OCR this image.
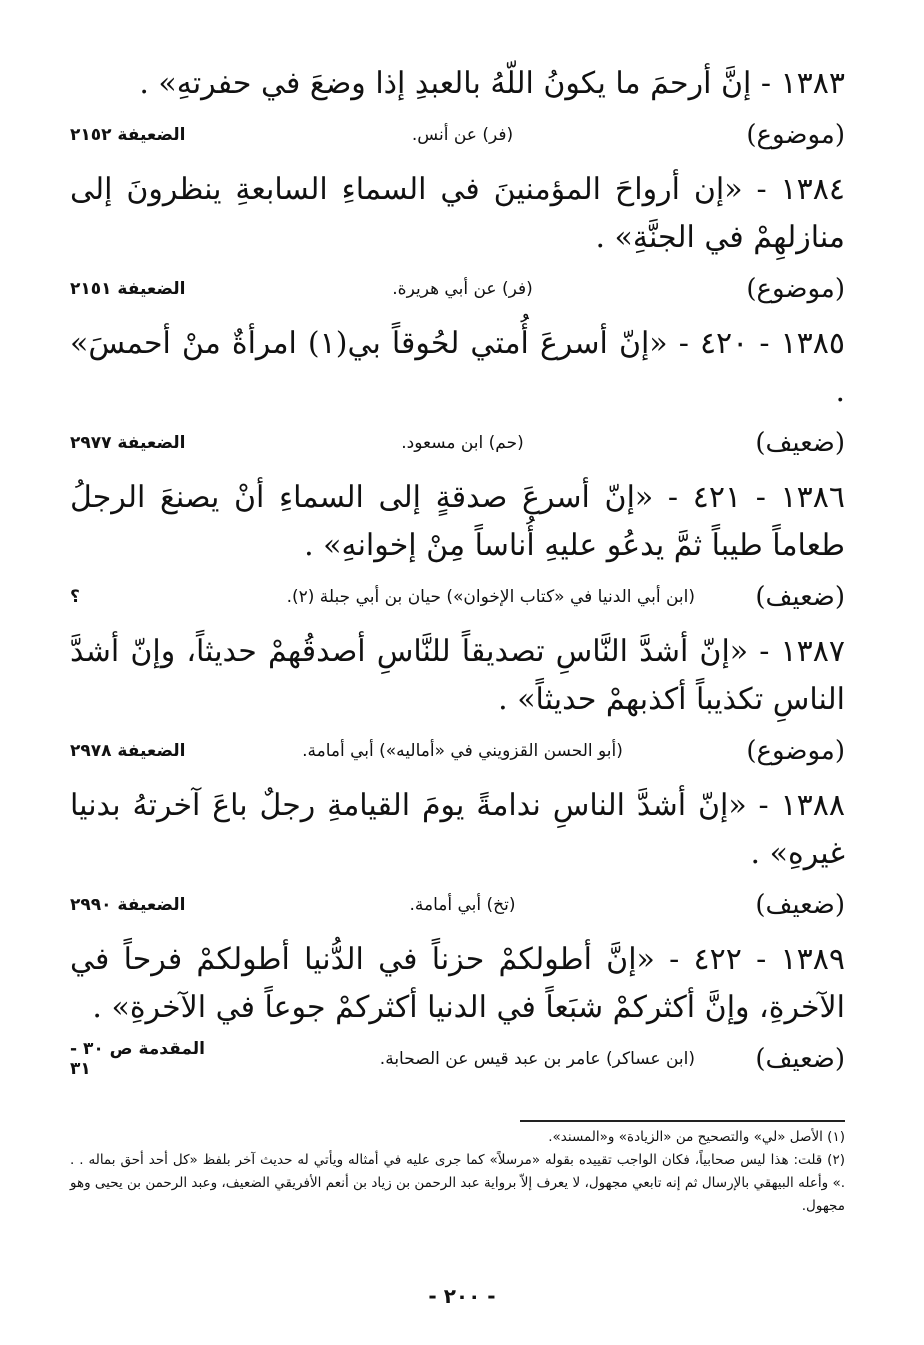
١٣٨٣ - إنَّ أرحمَ ما يكونُ اللّهُ بالعبدِ إذا وضعَ في حفرتهِ» .
(موضوع)
(فر) عن أنس.
الضعيفة ٢١٥٢
١٣٨٤ - «إن أرواحَ المؤمنينَ في السماءِ السابعةِ ينظرونَ إلى منازلهِمْ في الجنَّةِ» .
(موضوع)
(فر) عن أبي هريرة.
الضعيفة ٢١٥١
١٣٨٥ - ٤٢٠ - «إنّ أسرعَ أُمتي لحُوقاً بي(١) امرأةٌ منْ أحمسَ» .
(ضعيف)
(حم) ابن مسعود.
الضعيفة ٢٩٧٧
١٣٨٦ - ٤٢١ - «إنّ أسرعَ صدقةٍ إلى السماءِ أنْ يصنعَ الرجلُ طعاماً طيباً ثمَّ يدعُو عليهِ أُناساً مِنْ إخوانهِ» .
(ضعيف)
(ابن أبي الدنيا في «كتاب الإخوان») حيان بن أبي جبلة (٢).
؟
١٣٨٧ - «إنّ أشدَّ النَّاسِ تصديقاً للنَّاسِ أصدقُهمْ حديثاً، وإنّ أشدَّ الناسِ تكذيباً أكذبهمْ حديثاً» .
(موضوع)
(أبو الحسن القزويني في «أماليه») أبي أمامة.
الضعيفة ٢٩٧٨
١٣٨٨ - «إنّ أشدَّ الناسِ ندامةً يومَ القيامةِ رجلٌ باعَ آخرتهُ بدنيا غيرهِ» .
(ضعيف)
(تخ) أبي أمامة.
الضعيفة ٢٩٩٠
١٣٨٩ - ٤٢٢ - «إنَّ أطولكمْ حزناً في الدُّنيا أطولكمْ فرحاً في الآخرةِ، وإنَّ أكثركمْ شبَعاً في الدنيا أكثركمْ جوعاً في الآخرةِ» .
(ضعيف)
(ابن عساكر) عامر بن عبد قيس عن الصحابة.
المقدمة ص ٣٠ - ٣١

(١) الأصل «لي» والتصحيح من «الزيادة» و«المسند».

(٢) قلت: هذا ليس صحابياً، فكان الواجب تقييده بقوله «مرسلاً» كما جرى عليه في أمثاله ويأتي له حديث آخر بلفظ «كل أحد أحق بماله . . .» وأعله البيهقي بالإرسال ثم إنه تابعي مجهول، لا يعرف إلاّ برواية عبد الرحمن بن زياد بن أنعم الأفريقي الضعيف، وعبد الرحمن بن يحيى وهو مجهول.

- ٢٠٠ -
